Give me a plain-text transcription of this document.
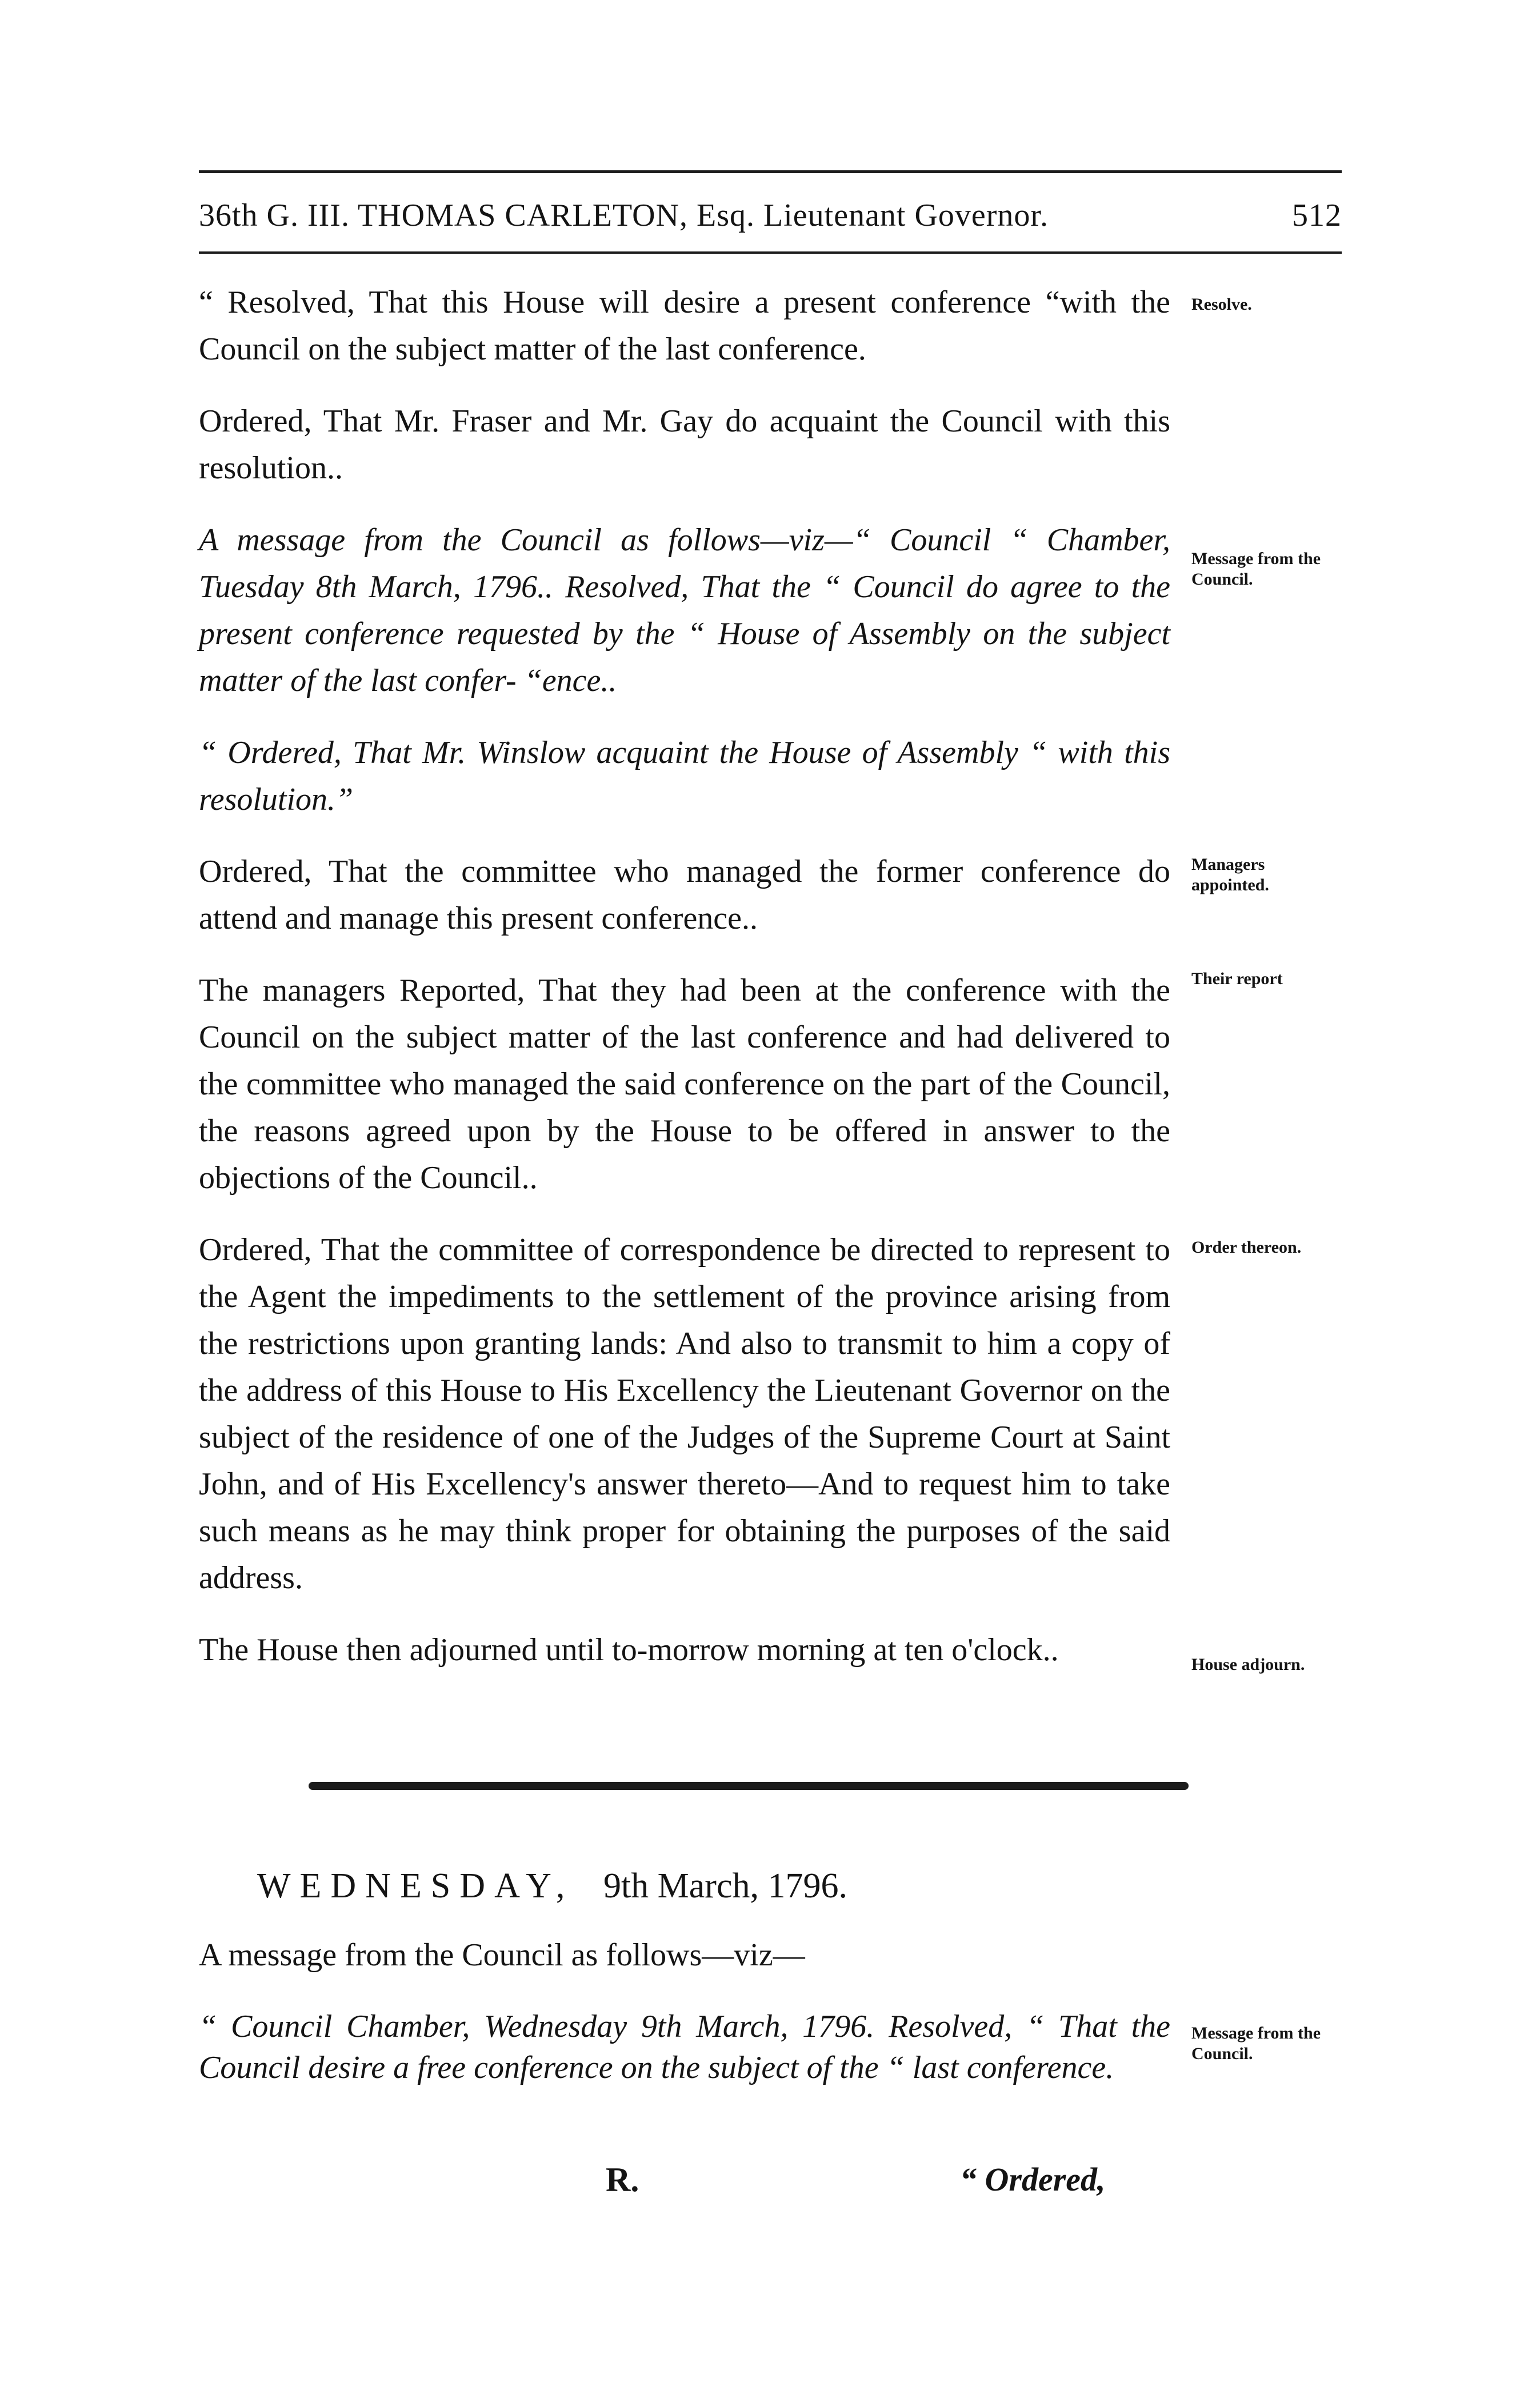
36th G. III. THOMAS CARLETON, Esq. Lieutenant Governor.	512

“ Resolved, That this House will desire a present conference “with the Council on the subject matter of the last conference.

Ordered, That Mr. Fraser and Mr. Gay do acquaint the Council with this resolution..

A message from the Council as follows—viz—“ Council “ Chamber, Tuesday 8th March, 1796.. Resolved, That the “ Council do agree to the present conference requested by the “ House of Assembly on the subject matter of the last confer- “ence..

“ Ordered, That Mr. Winslow acquaint the House of Assembly “ with this resolution.”

Ordered, That the committee who managed the former conference do attend and manage this present conference..

The managers Reported, That they had been at the conference with the Council on the subject matter of the last conference and had delivered to the committee who managed the said conference on the part of the Council, the reasons agreed upon by the House to be offered in answer to the objections of the Council..

Ordered, That the committee of correspondence be directed to represent to the Agent the impediments to the settlement of the province arising from the restrictions upon granting lands: And also to transmit to him a copy of the address of this House to His Excellency the Lieutenant Governor on the subject of the residence of one of the Judges of the Supreme Court at Saint John, and of His Excellency's answer thereto—And to request him to take such means as he may think proper for obtaining the purposes of the said address.

The House then adjourned until to-morrow morning at ten o'clock..

Resolve.
Message from the Council.
Managers appointed.
Their report
Order thereon.
House adjourn.
WEDNESDAY, 9th March, 1796.
A message from the Council as follows—viz—
“ Council Chamber, Wednesday 9th March, 1796. Resolved, “ That the Council desire a free conference on the subject of the “ last conference.
Message from the Council.
R.	“ Ordered,
